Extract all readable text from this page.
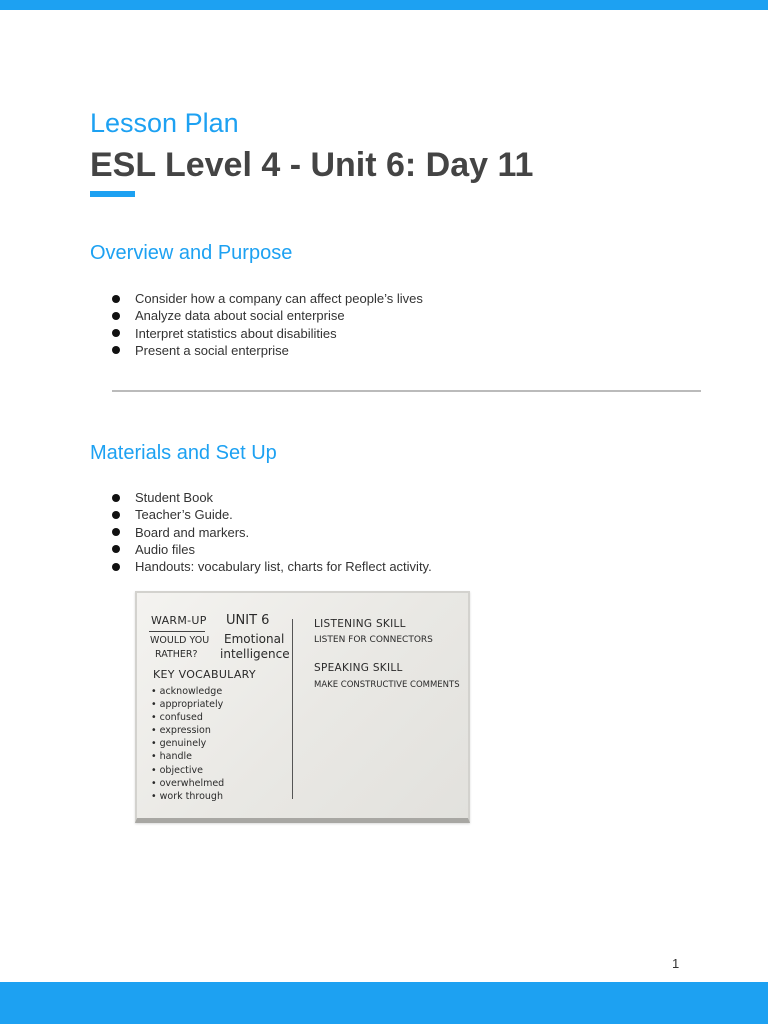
Lesson Plan
ESL Level 4 - Unit 6: Day 11
Overview and Purpose
Consider how a company can affect people’s lives
Analyze data about social enterprise
Interpret statistics about disabilities
Present a social enterprise
Materials and Set Up
Student Book
Teacher’s Guide.
Board and markers.
Audio files
Handouts: vocabulary list, charts for Reflect activity.
WARM-UP UNIT 6
WOULD YOU
RATHER?
Emotional
intelligence
KEY VOCABULARY
• acknowledge
• appropriately
• confused
• expression
• genuinely
• handle
• objective
• overwhelmed
• work through
LISTENING SKILL
LISTEN FOR CONNECTORS
SPEAKING SKILL
MAKE CONSTRUCTIVE COMMENTS
1
